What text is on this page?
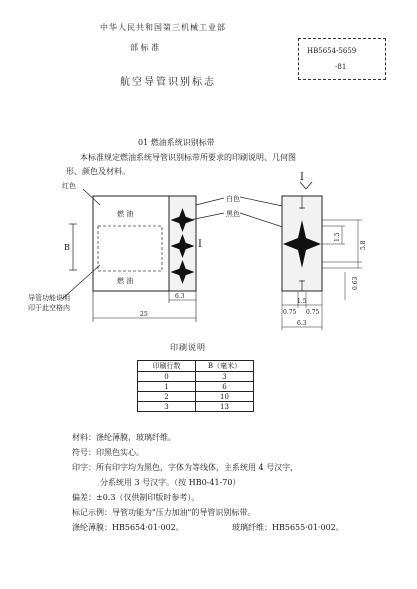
中华人民共和国第三机械工业部
部 标 准
航空导管识别标志
HB5654-5659
-81
01 燃油系统识别标带
本标准规定燃油系统导管识别标带所要求的印刷说明、几何图
形、颜色及材料。
红色
燃 油
燃 油
B
导管功能说明
印于此空格内
6.3
25
白色
黑色
I
I
1.5
5.8
0.63
1.5
0.75 0.75
6.3
印刷说明
印刷行数	B（毫米）
0	3
1	6
2	10
3	13
材料：涤纶薄膜，玻璃纤维。
符号：印黑色实心。
印字：所有印字均为黑色，字体为等线体，主系统用 4 号汉字，
分系统用 3 号汉字。（按 HB0-41-70）
偏差：±0.3（仅供制印版时参考）。
标记示例：导管功能为"压力加油"的导管识别标带。
涤纶薄膜：HB5654·01·002。	玻璃纤维：HB5655·01·002。
